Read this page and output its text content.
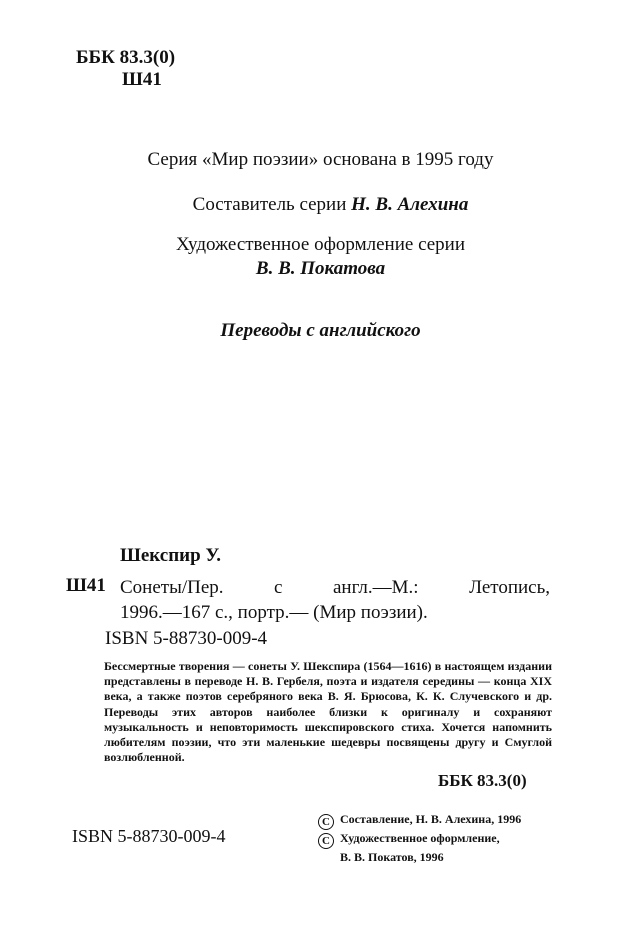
ББК 83.3(0)
Ш41
Серия «Мир поэзии» основана в 1995 году
Составитель серии Н. В. Алехина
Художественное оформление серии
В. В. Покатова
Переводы с английского
Шекспир У.
Ш41 Сонеты/Пер. с англ.—М.: Летопись,
1996.—167 с., портр.— (Мир поэзии).
ISBN 5-88730-009-4
Бессмертные творения — сонеты У. Шекспира (1564—1616) в настоящем издании представлены в переводе Н. В. Гербеля, поэта и издателя середины — конца XIX века, а также поэтов серебряного века В. Я. Брюсова, К. К. Случевского и др. Переводы этих авторов наиболее близки к оригиналу и сохраняют музыкальность и неповторимость шекспировского стиха. Хочется напомнить любителям поэзии, что эти маленькие шедевры посвящены другу и Смуглой возлюбленной.
ББК 83.3(0)
ISBN 5-88730-009-4
C Составление, Н. В. Алехина, 1996
C Художественное оформление,
В. В. Покатов, 1996
